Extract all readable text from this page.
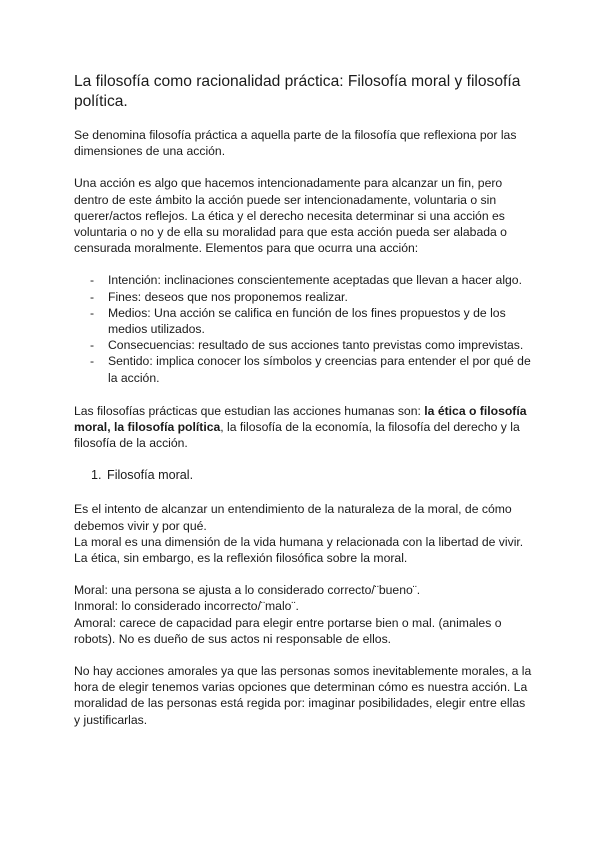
La filosofía como racionalidad práctica: Filosofía moral y filosofía política.

Se denomina filosofía práctica a aquella parte de la filosofía que reflexiona por las dimensiones de una acción.

Una acción es algo que hacemos intencionadamente para alcanzar un fin, pero dentro de este ámbito la acción puede ser intencionadamente, voluntaria o sin querer/actos reflejos. La ética y el derecho necesita determinar si una acción es voluntaria o no y de ella su moralidad para que esta acción pueda ser alabada o censurada moralmente. Elementos para que ocurra una acción:

- Intención: inclinaciones conscientemente aceptadas que llevan a hacer algo.
- Fines: deseos que nos proponemos realizar.
- Medios: Una acción se califica en función de los fines propuestos y de los medios utilizados.
- Consecuencias: resultado de sus acciones tanto previstas como imprevistas.
- Sentido: implica conocer los símbolos y creencias para entender el por qué de la acción.

Las filosofías prácticas que estudian las acciones humanas son: la ética o filosofía moral, la filosofía política, la filosofía de la economía, la filosofía del derecho y la filosofía de la acción.

1. Filosofía moral.

Es el intento de alcanzar un entendimiento de la naturaleza de la moral, de cómo debemos vivir y por qué.

La moral es una dimensión de la vida humana y relacionada con la libertad de vivir.

La ética, sin embargo, es la reflexión filosófica sobre la moral.

Moral: una persona se ajusta a lo considerado correcto/¨bueno¨.

Inmoral: lo considerado incorrecto/¨malo¨.

Amoral: carece de capacidad para elegir entre portarse bien o mal. (animales o robots). No es dueño de sus actos ni responsable de ellos.

No hay acciones amorales ya que las personas somos inevitablemente morales, a la hora de elegir tenemos varias opciones que determinan cómo es nuestra acción. La moralidad de las personas está regida por: imaginar posibilidades, elegir entre ellas y justificarlas.
